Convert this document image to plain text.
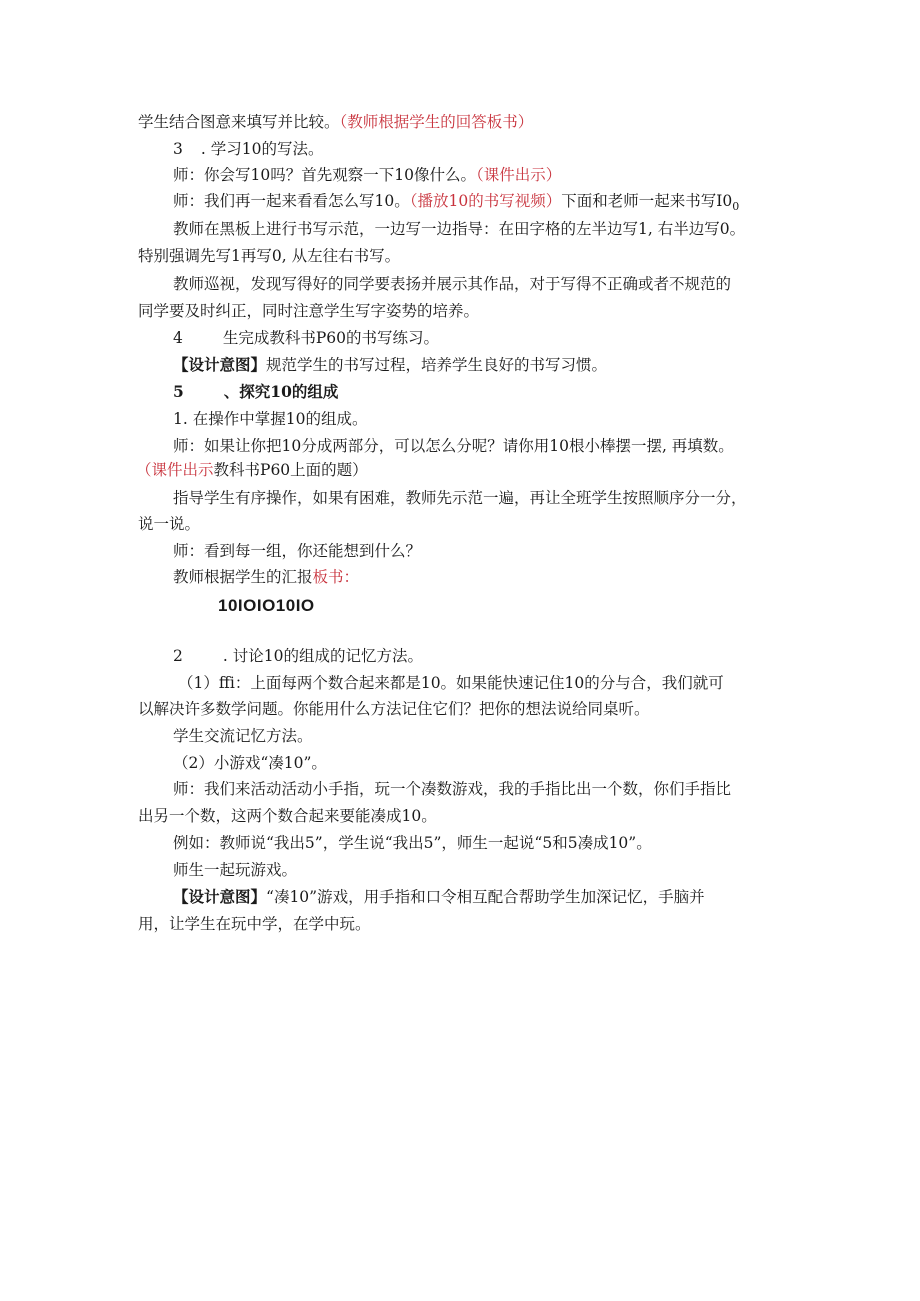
学生结合图意来填写并比较。（教师根据学生的回答板书）
3 . 学习10的写法。
师：你会写10吗？首先观察一下10像什么。（课件出示）
师：我们再一起来看看怎么写10。（播放10的书写视频）下面和老师一起来书写$I0_0$
教师在黑板上进行书写示范，一边写一边指导：在田字格的左半边写1, 右半边写0。
特别强调先写1再写0, 从左往右书写。
教师巡视，发现写得好的同学要表扬并展示其作品，对于写得不正确或者不规范的
同学要及时纠正，同时注意学生写字姿势的培养。
4	生完成教科书P60的书写练习。
【设计意图】规范学生的书写过程，培养学生良好的书写习惯。
5	、探究10的组成
1. 在操作中掌握10的组成。
师：如果让你把10分成两部分，可以怎么分呢？请你用10根小棒摆一摆, 再填数。
（课件出示教科书P60上面的题）
指导学生有序操作，如果有困难，教师先示范一遍，再让全班学生按照顺序分一分，
说一说。
师：看到每一组，你还能想到什么？
教师根据学生的汇报板书：
10IOIO10IO
2	. 讨论10的组成的记忆方法。
（1）ffi：上面每两个数合起来都是10。如果能快速记住10的分与合，我们就可
以解决许多数学问题。你能用什么方法记住它们？把你的想法说给同桌听。
学生交流记忆方法。
（2）小游戏“凑10”。
师：我们来活动活动小手指，玩一个凑数游戏，我的手指比出一个数，你们手指比
出另一个数，这两个数合起来要能凑成10。
例如：教师说“我出5”，学生说“我出5”，师生一起说“5和5凑成10”。
师生一起玩游戏。
【设计意图】“凑10”游戏，用手指和口令相互配合帮助学生加深记忆，手脑并
用，让学生在玩中学，在学中玩。
